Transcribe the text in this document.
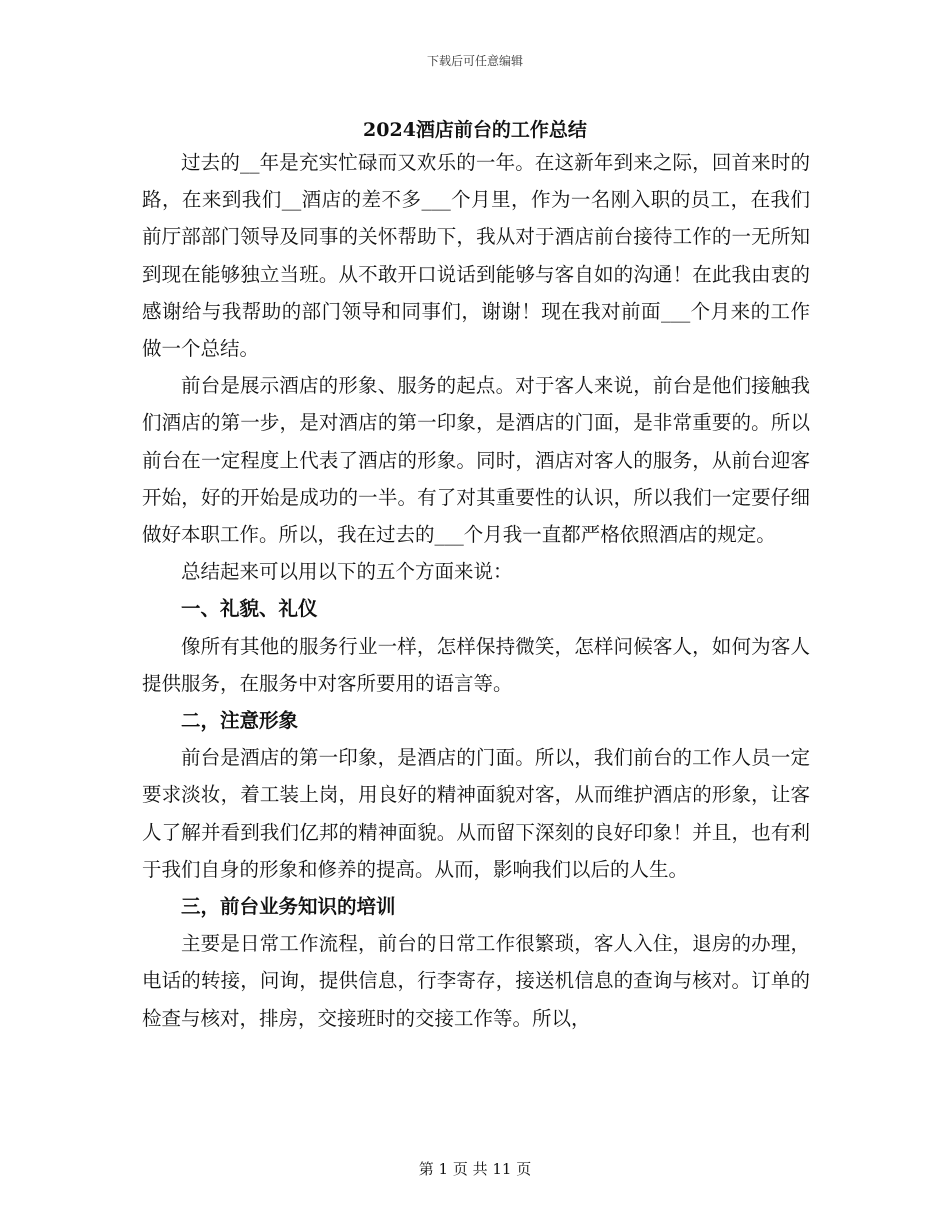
下载后可任意编辑
2024酒店前台的工作总结

过去的__年是充实忙碌而又欢乐的一年。在这新年到来之际，回首来时的路，在来到我们__酒店的差不多___个月里，作为一名刚入职的员工，在我们前厅部部门领导及同事的关怀帮助下，我从对于酒店前台接待工作的一无所知到现在能够独立当班。从不敢开口说话到能够与客自如的沟通！在此我由衷的感谢给与我帮助的部门领导和同事们，谢谢！现在我对前面___个月来的工作做一个总结。

前台是展示酒店的形象、服务的起点。对于客人来说，前台是他们接触我们酒店的第一步，是对酒店的第一印象，是酒店的门面，是非常重要的。所以前台在一定程度上代表了酒店的形象。同时，酒店对客人的服务，从前台迎客开始，好的开始是成功的一半。有了对其重要性的认识，所以我们一定要仔细做好本职工作。所以，我在过去的___个月我一直都严格依照酒店的规定。

总结起来可以用以下的五个方面来说：

一、礼貌、礼仪

像所有其他的服务行业一样，怎样保持微笑，怎样问候客人，如何为客人提供服务，在服务中对客所要用的语言等。

二，注意形象

前台是酒店的第一印象，是酒店的门面。所以，我们前台的工作人员一定要求淡妆，着工装上岗，用良好的精神面貌对客，从而维护酒店的形象，让客人了解并看到我们亿邦的精神面貌。从而留下深刻的良好印象！并且，也有利于我们自身的形象和修养的提高。从而，影响我们以后的人生。

三，前台业务知识的培训

主要是日常工作流程，前台的日常工作很繁琐，客人入住，退房的办理，电话的转接，问询，提供信息，行李寄存，接送机信息的查询与核对。订单的检查与核对，排房，交接班时的交接工作等。所以，

第 1 页 共 11 页
